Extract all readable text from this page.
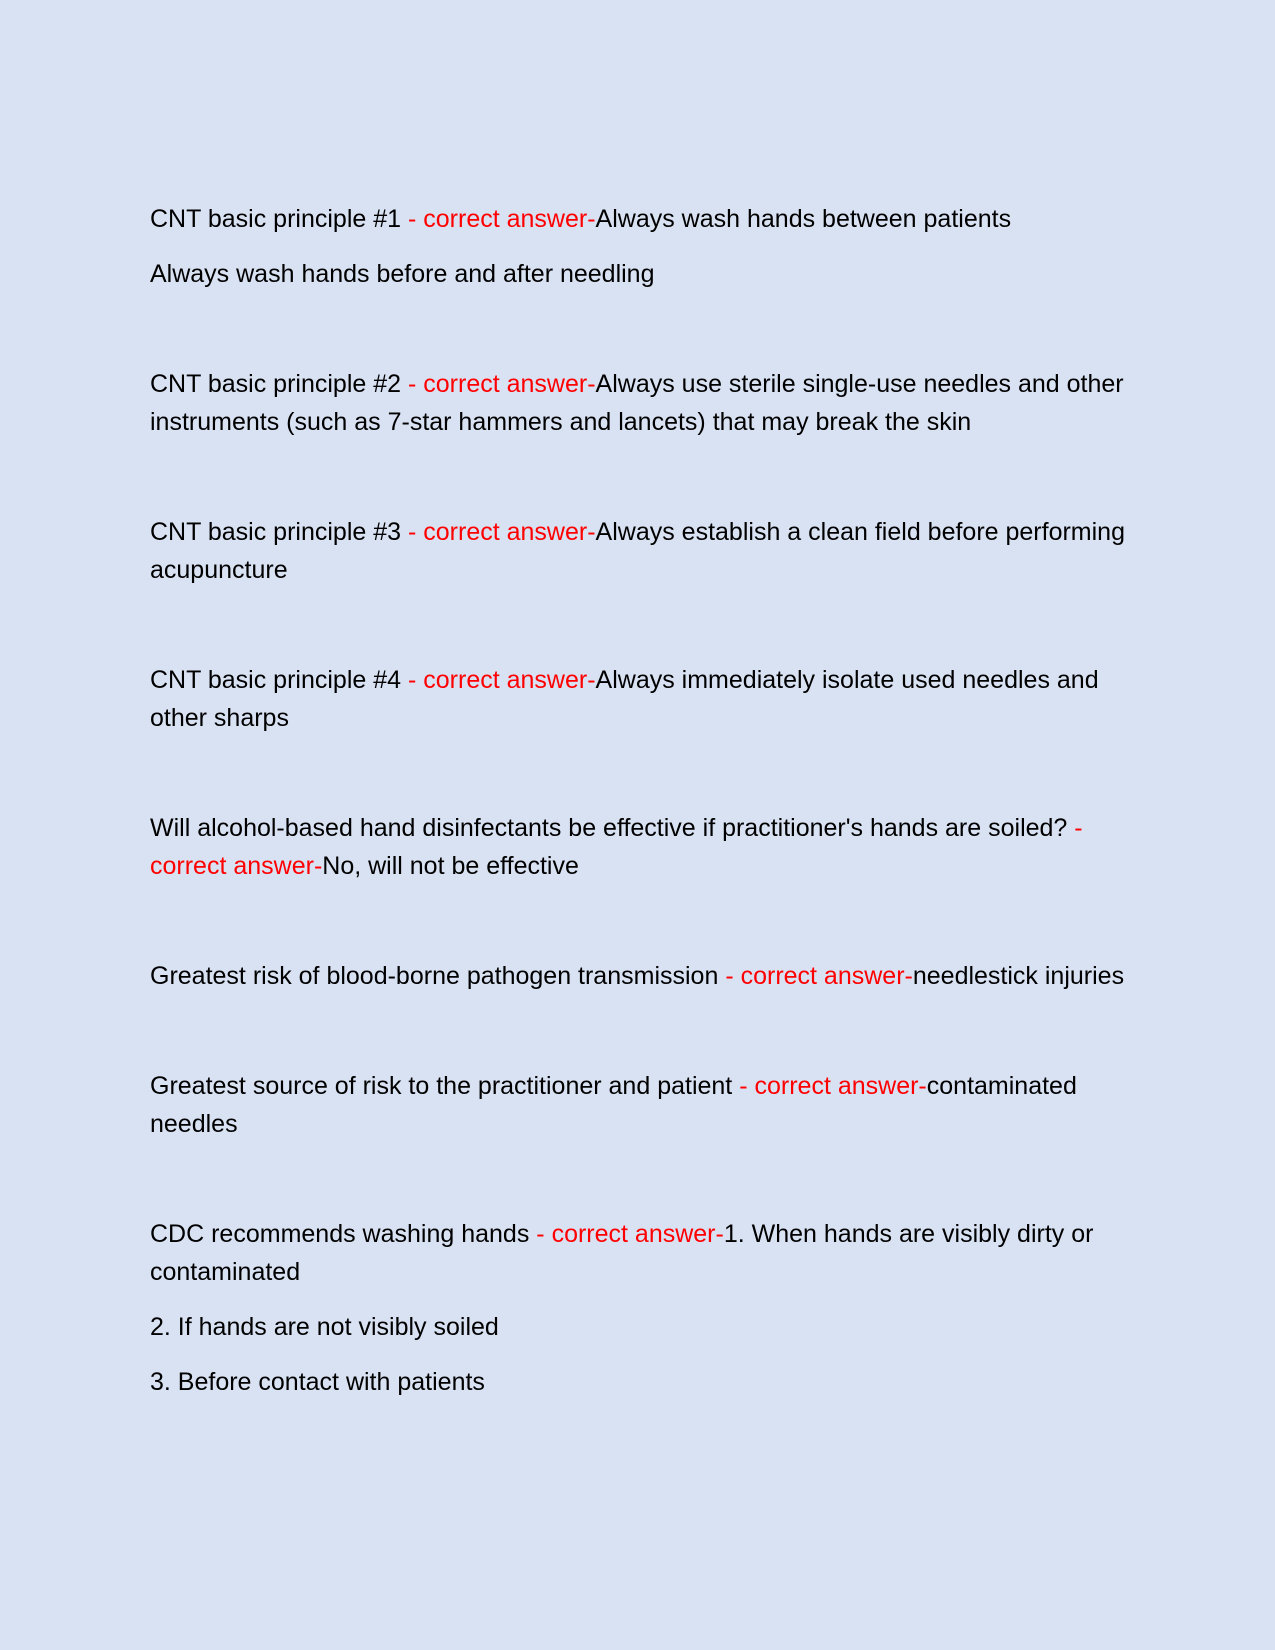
CNT basic principle #1 - correct answer-Always wash hands between patients

Always wash hands before and after needling

CNT basic principle #2 - correct answer-Always use sterile single-use needles and other instruments (such as 7-star hammers and lancets) that may break the skin

CNT basic principle #3 - correct answer-Always establish a clean field before performing acupuncture

CNT basic principle #4 - correct answer-Always immediately isolate used needles and other sharps

Will alcohol-based hand disinfectants be effective if practitioner's hands are soiled? - correct answer-No, will not be effective

Greatest risk of blood-borne pathogen transmission - correct answer-needlestick injuries

Greatest source of risk to the practitioner and patient - correct answer-contaminated needles

CDC recommends washing hands - correct answer-1. When hands are visibly dirty or contaminated

2. If hands are not visibly soiled

3. Before contact with patients
